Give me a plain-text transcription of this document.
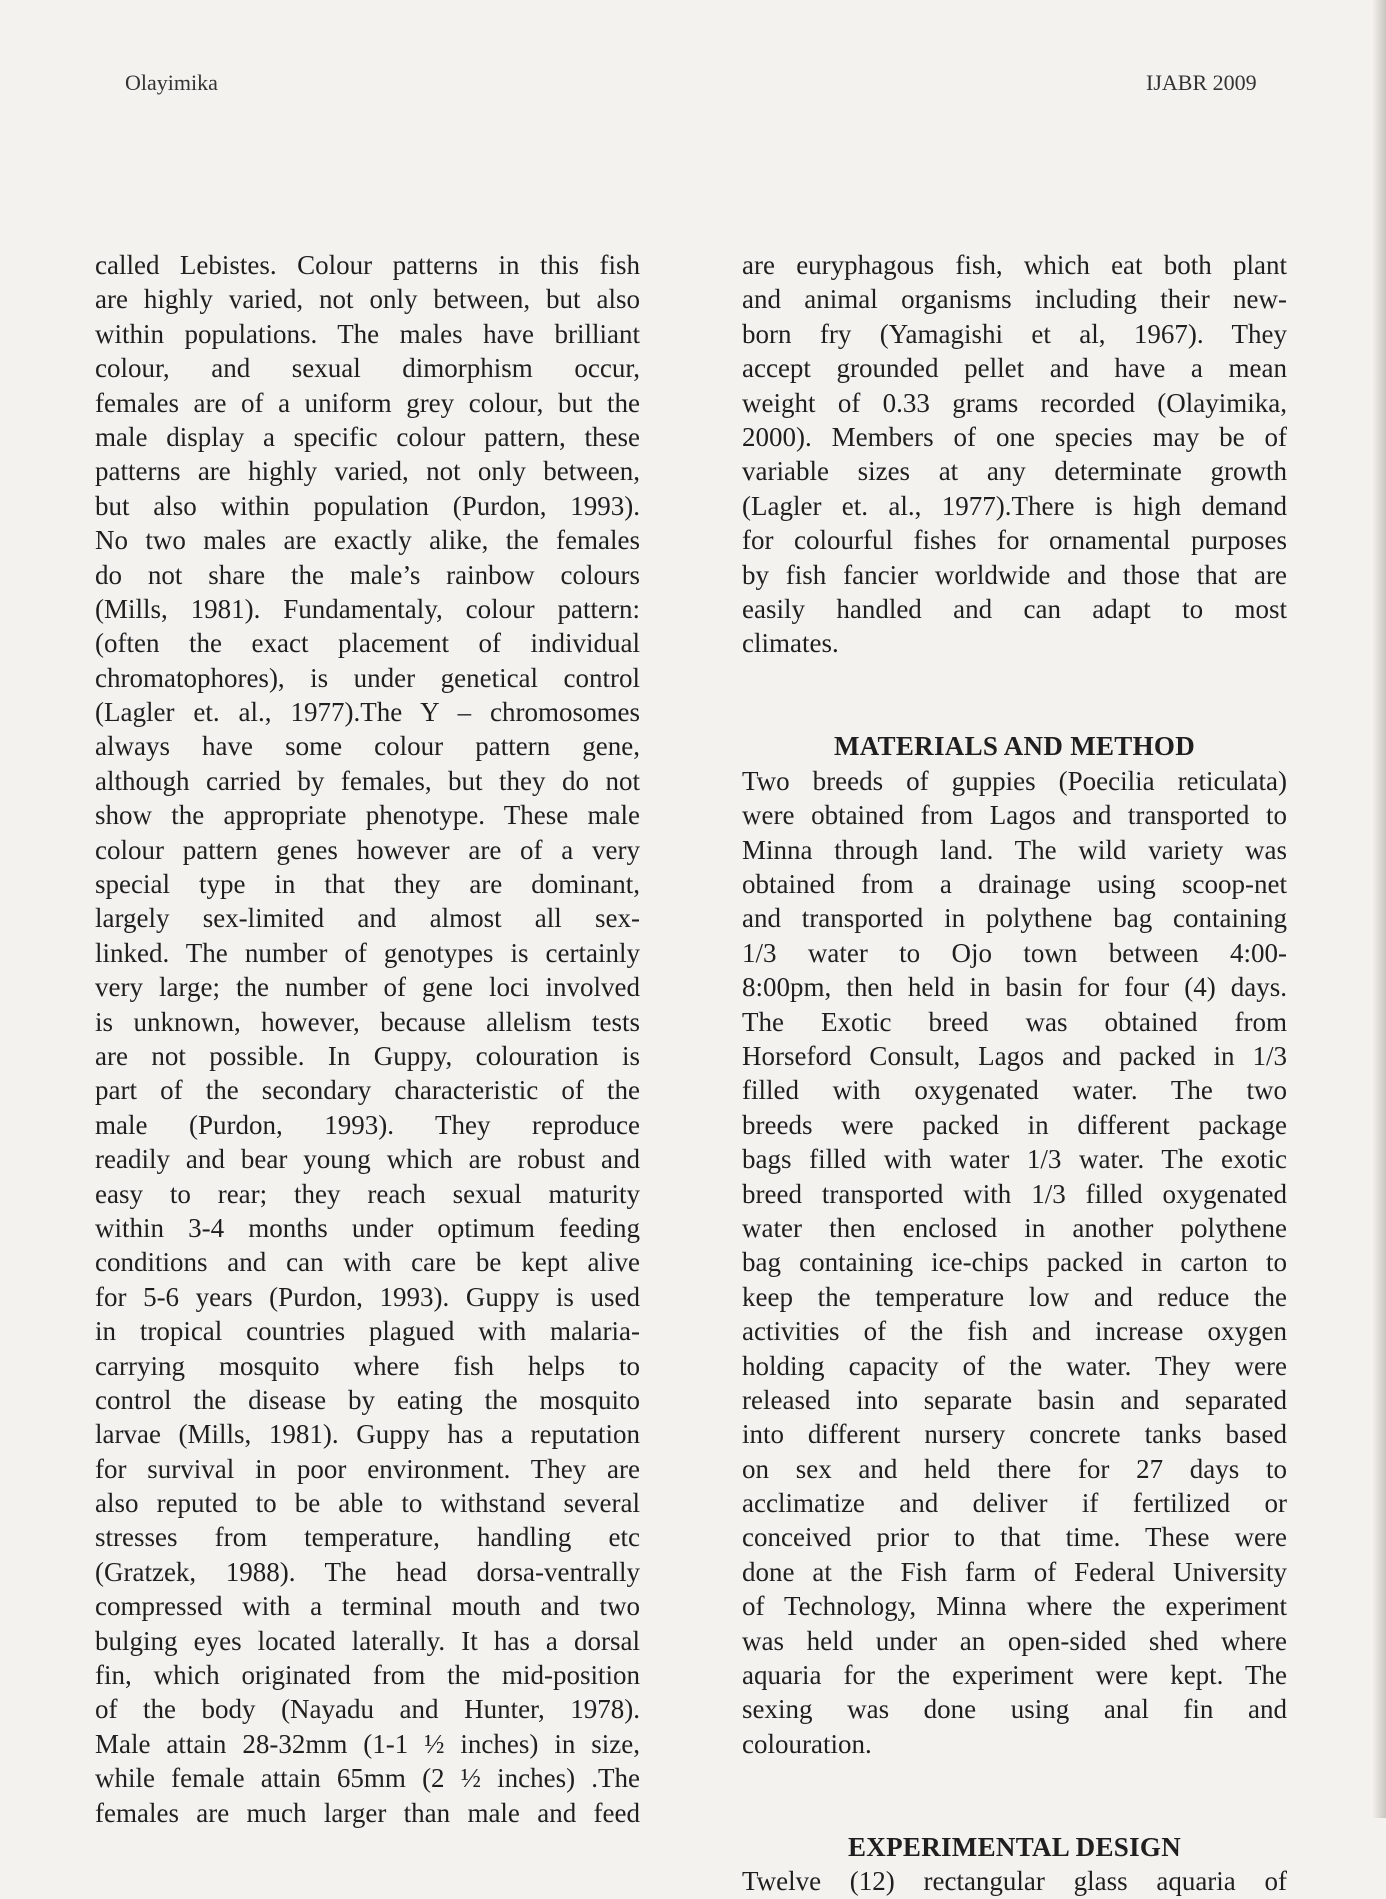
Olayimika	IJABR 2009
called Lebistes. Colour patterns in this fish
are highly varied, not only between, but also
within populations. The males have brilliant
colour, and sexual dimorphism occur,
females are of a uniform grey colour, but the
male display a specific colour pattern, these
patterns are highly varied, not only between,
but also within population (Purdon, 1993).
No two males are exactly alike, the females
do not share the male’s rainbow colours
(Mills, 1981). Fundamentaly, colour pattern:
(often the exact placement of individual
chromatophores), is under genetical control
(Lagler et. al., 1977).The Y – chromosomes
always have some colour pattern gene,
although carried by females, but they do not
show the appropriate phenotype. These male
colour pattern genes however are of a very
special type in that they are dominant,
largely sex-limited and almost all sex-
linked. The number of genotypes is certainly
very large; the number of gene loci involved
is unknown, however, because allelism tests
are not possible. In Guppy, colouration is
part of the secondary characteristic of the
male (Purdon, 1993). They reproduce
readily and bear young which are robust and
easy to rear; they reach sexual maturity
within 3-4 months under optimum feeding
conditions and can with care be kept alive
for 5-6 years (Purdon, 1993). Guppy is used
in tropical countries plagued with malaria-
carrying mosquito where fish helps to
control the disease by eating the mosquito
larvae (Mills, 1981). Guppy has a reputation
for survival in poor environment. They are
also reputed to be able to withstand several
stresses from temperature, handling etc
(Gratzek, 1988). The head dorsa-ventrally
compressed with a terminal mouth and two
bulging eyes located laterally. It has a dorsal
fin, which originated from the mid-position
of the body (Nayadu and Hunter, 1978).
Male attain 28-32mm (1-1 ½ inches) in size,
while female attain 65mm (2 ½ inches) .The
females are much larger than male and feed
are euryphagous fish, which eat both plant
and animal organisms including their new-
born fry (Yamagishi et al, 1967). They
accept grounded pellet and have a mean
weight of 0.33 grams recorded (Olayimika,
2000). Members of one species may be of
variable sizes at any determinate growth
(Lagler et. al., 1977).There is high demand
for colourful fishes for ornamental purposes
by fish fancier worldwide and those that are
easily handled and can adapt to most
climates.
MATERIALS AND METHOD
Two breeds of guppies (Poecilia reticulata)
were obtained from Lagos and transported to
Minna through land. The wild variety was
obtained from a drainage using scoop-net
and transported in polythene bag containing
1/3 water to Ojo town between 4:00-
8:00pm, then held in basin for four (4) days.
The Exotic breed was obtained from
Horseford Consult, Lagos and packed in 1/3
filled with oxygenated water. The two
breeds were packed in different package
bags filled with water 1/3 water. The exotic
breed transported with 1/3 filled oxygenated
water then enclosed in another polythene
bag containing ice-chips packed in carton to
keep the temperature low and reduce the
activities of the fish and increase oxygen
holding capacity of the water. They were
released into separate basin and separated
into different nursery concrete tanks based
on sex and held there for 27 days to
acclimatize and deliver if fertilized or
conceived prior to that time. These were
done at the Fish farm of Federal University
of Technology, Minna where the experiment
was held under an open-sided shed where
aquaria for the experiment were kept. The
sexing was done using anal fin and
colouration.
EXPERIMENTAL DESIGN
Twelve (12) rectangular glass aquaria of
